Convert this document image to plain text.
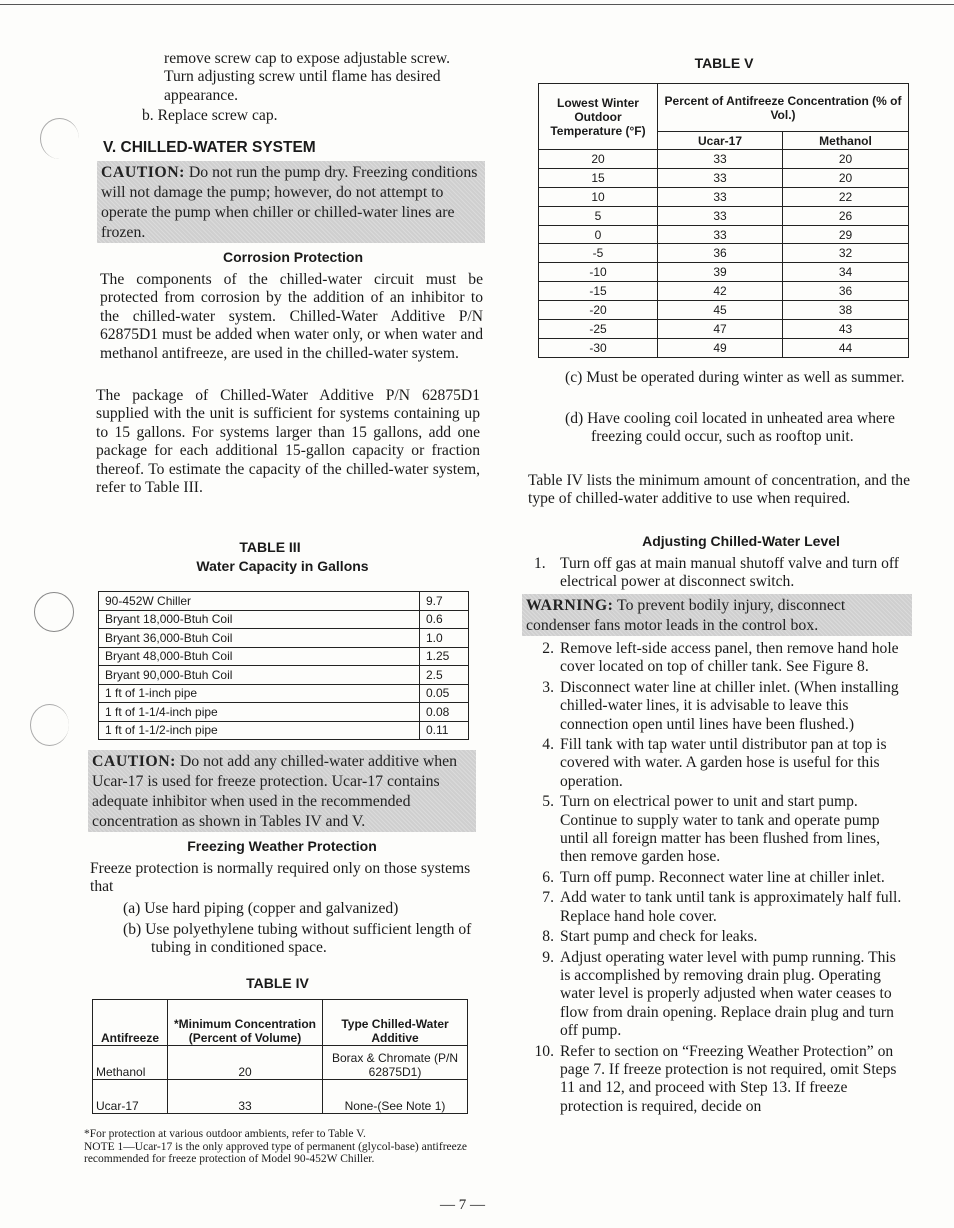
remove screw cap to expose adjustable screw.

Turn adjusting screw until flame has desired

appearance.

b. Replace screw cap.
V. CHILLED-WATER SYSTEM
CAUTION: Do not run the pump dry. Freezing conditions will not damage the pump; however, do not attempt to operate the pump when chiller or chilled-water lines are frozen.
Corrosion Protection
The components of the chilled-water circuit must be protected from corrosion by the addition of an inhibitor to the chilled-water system. Chilled-Water Additive P/N 62875D1 must be added when water only, or when water and methanol antifreeze, are used in the chilled-water system.
The package of Chilled-Water Additive P/N 62875D1 supplied with the unit is sufficient for systems containing up to 15 gallons. For systems larger than 15 gallons, add one package for each additional 15-gallon capacity or fraction thereof. To estimate the capacity of the chilled-water system, refer to Table III.
TABLE III
Water Capacity in Gallons
90-452W Chiller	9.7
Bryant 18,000-Btuh Coil	0.6
Bryant 36,000-Btuh Coil	1.0
Bryant 48,000-Btuh Coil	1.25
Bryant 90,000-Btuh Coil	2.5
1 ft of 1-inch pipe	0.05
1 ft of 1-1/4-inch pipe	0.08
1 ft of 1-1/2-inch pipe	0.11
CAUTION: Do not add any chilled-water additive when Ucar-17 is used for freeze protection. Ucar-17 contains adequate inhibitor when used in the recommended concentration as shown in Tables IV and V.
Freezing Weather Protection
Freeze protection is normally required only on those systems that
(a) Use hard piping (copper and galvanized)
(b) Use polyethylene tubing without sufficient length of tubing in conditioned space.
TABLE IV
Antifreeze	*Minimum Concentration (Percent of Volume)	Type Chilled-Water Additive
Methanol	20	Borax & Chromate (P/N 62875D1)
Ucar-17	33	None-(See Note 1)

*For protection at various outdoor ambients, refer to Table V.

NOTE 1—Ucar-17 is the only approved type of permanent (glycol-base) antifreeze recommended for freeze protection of Model 90-452W Chiller.

TABLE V
Lowest Winter Outdoor Temperature (°F)	Percent of Antifreeze Concentration (% of Vol.)	
	Ucar-17	Methanol
20	33	20
15	33	20
10	33	22
5	33	26
0	33	29
-5	36	32
-10	39	34
-15	42	36
-20	45	38
-25	47	43
-30	49	44
(c) Must be operated during winter as well as summer.
(d) Have cooling coil located in unheated area where freezing could occur, such as rooftop unit.
Table IV lists the minimum amount of concentration, and the type of chilled-water additive to use when required.
Adjusting Chilled-Water Level
1. Turn off gas at main manual shutoff valve and turn off electrical power at disconnect switch.
WARNING: To prevent bodily injury, disconnect condenser fans motor leads in the control box.
2. Remove left-side access panel, then remove hand hole cover located on top of chiller tank. See Figure 8.
3. Disconnect water line at chiller inlet. (When installing chilled-water lines, it is advisable to leave this connection open until lines have been flushed.)
4. Fill tank with tap water until distributor pan at top is covered with water. A garden hose is useful for this operation.
5. Turn on electrical power to unit and start pump. Continue to supply water to tank and operate pump until all foreign matter has been flushed from lines, then remove garden hose.
6. Turn off pump. Reconnect water line at chiller inlet.
7. Add water to tank until tank is approximately half full. Replace hand hole cover.
8. Start pump and check for leaks.
9. Adjust operating water level with pump running. This is accomplished by removing drain plug. Operating water level is properly adjusted when water ceases to flow from drain opening. Replace drain plug and turn off pump.
10. Refer to section on “Freezing Weather Protection” on page 7. If freeze protection is not required, omit Steps 11 and 12, and proceed with Step 13. If freeze protection is required, decide on
— 7 —
